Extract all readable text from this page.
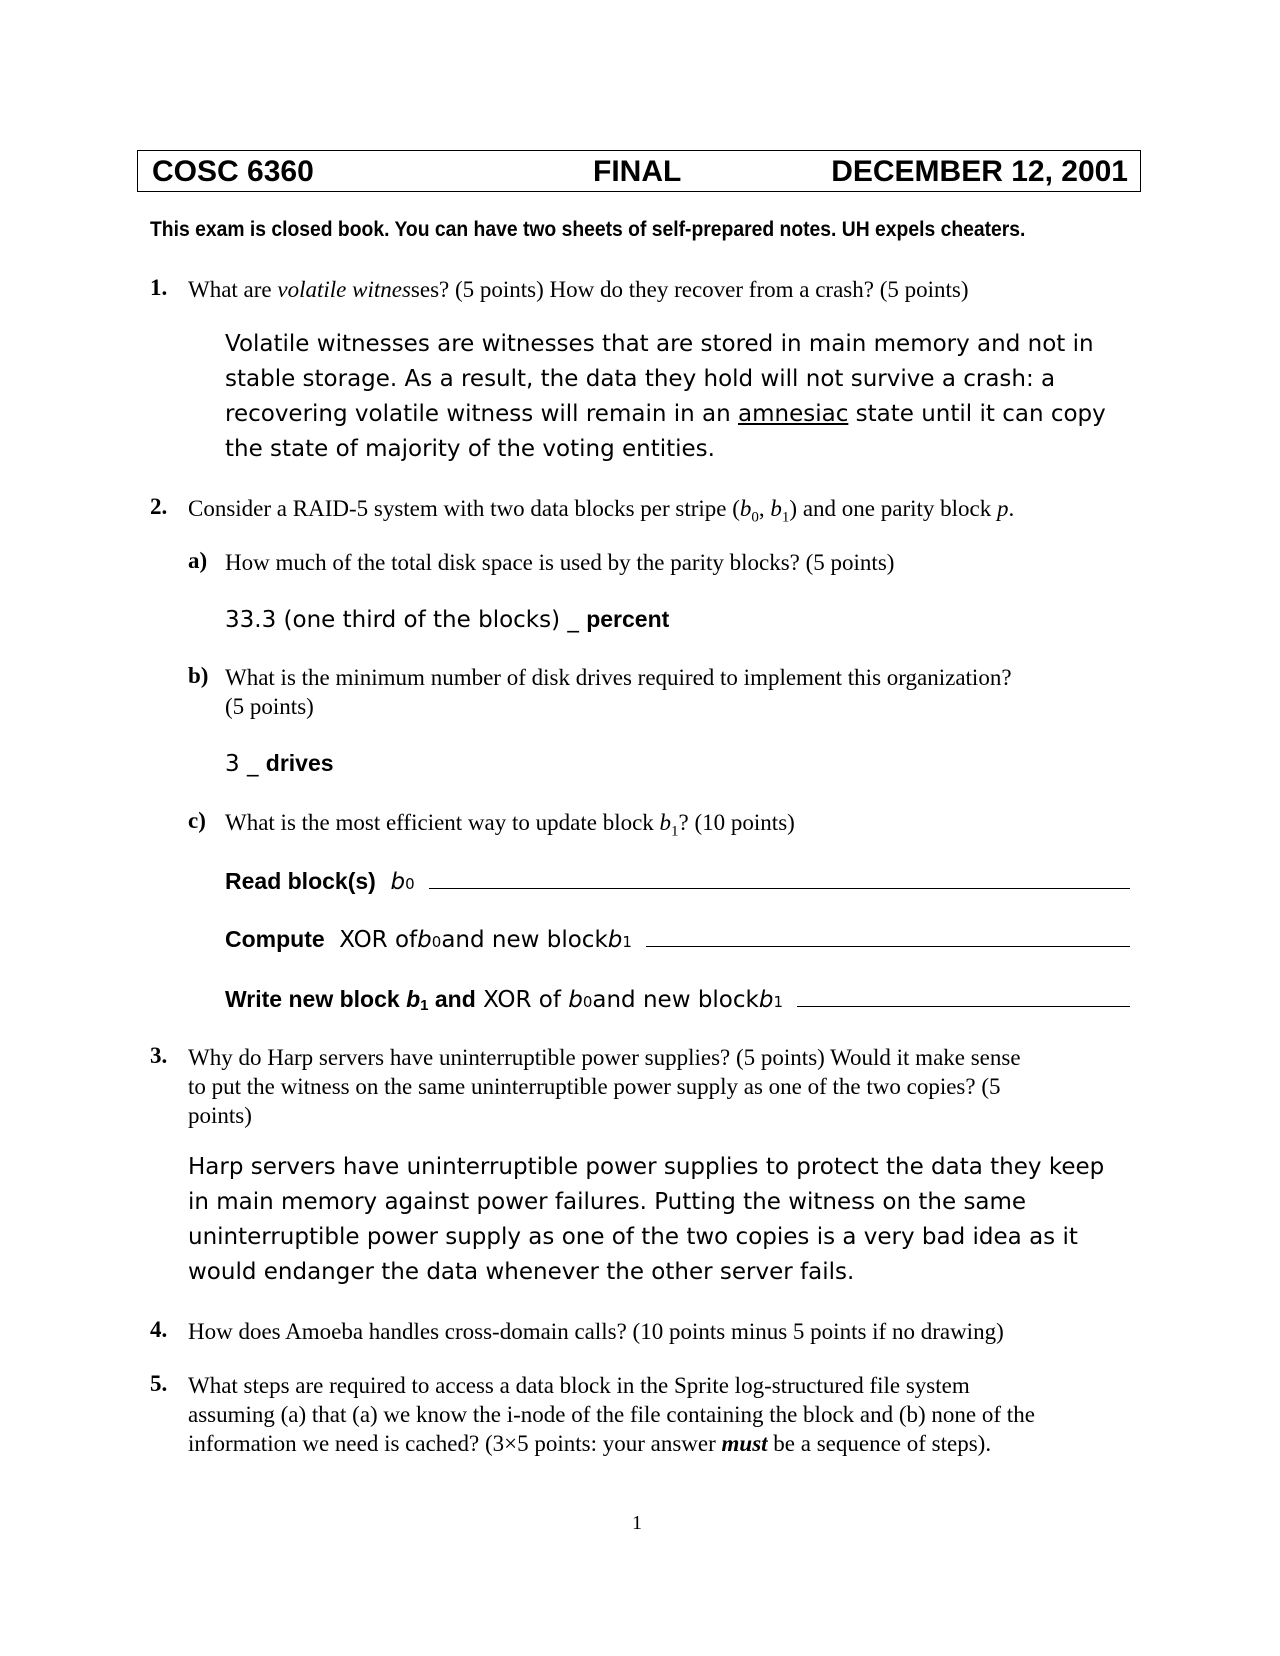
COSC 6360	FINAL	DECEMBER 12, 2001
This exam is closed book. You can have two sheets of self-prepared notes. UH expels cheaters.
1. What are volatile witnesses? (5 points) How do they recover from a crash? (5 points)
Volatile witnesses are witnesses that are stored in main memory and not in
stable storage. As a result, the data they hold will not survive a crash: a
recovering volatile witness will remain in an amnesiac state until it can copy
the state of majority of the voting entities.
2. Consider a RAID-5 system with two data blocks per stripe ($b_0$, $b_1$) and one parity block p.
a) How much of the total disk space is used by the parity blocks? (5 points)
33.3 (one third of the blocks) _ percent
b) What is the minimum number of disk drives required to implement this organization?
(5 points)
3 _ drives
c) What is the most efficient way to update block $b_1$? (10 points)
Read block(s)
b 0
Compute
XOR of b 0 and new block b 1
Write new block b1 and
XOR of
b 0 and new block b 1
3. Why do Harp servers have uninterruptible power supplies? (5 points) Would it make sense
to put the witness on the same uninterruptible power supply as one of the two copies? (5
points)
Harp servers have uninterruptible power supplies to protect the data they keep
in main memory against power failures. Putting the witness on the same
uninterruptible power supply as one of the two copies is a very bad idea as it
would endanger the data whenever the other server fails.
4. How does Amoeba handles cross-domain calls? (10 points minus 5 points if no drawing)
5. What steps are required to access a data block in the Sprite log-structured file system
assuming (a) that (a) we know the i-node of the file containing the block and (b) none of the
information we need is cached? (3×5 points: your answer must be a sequence of steps).
1
